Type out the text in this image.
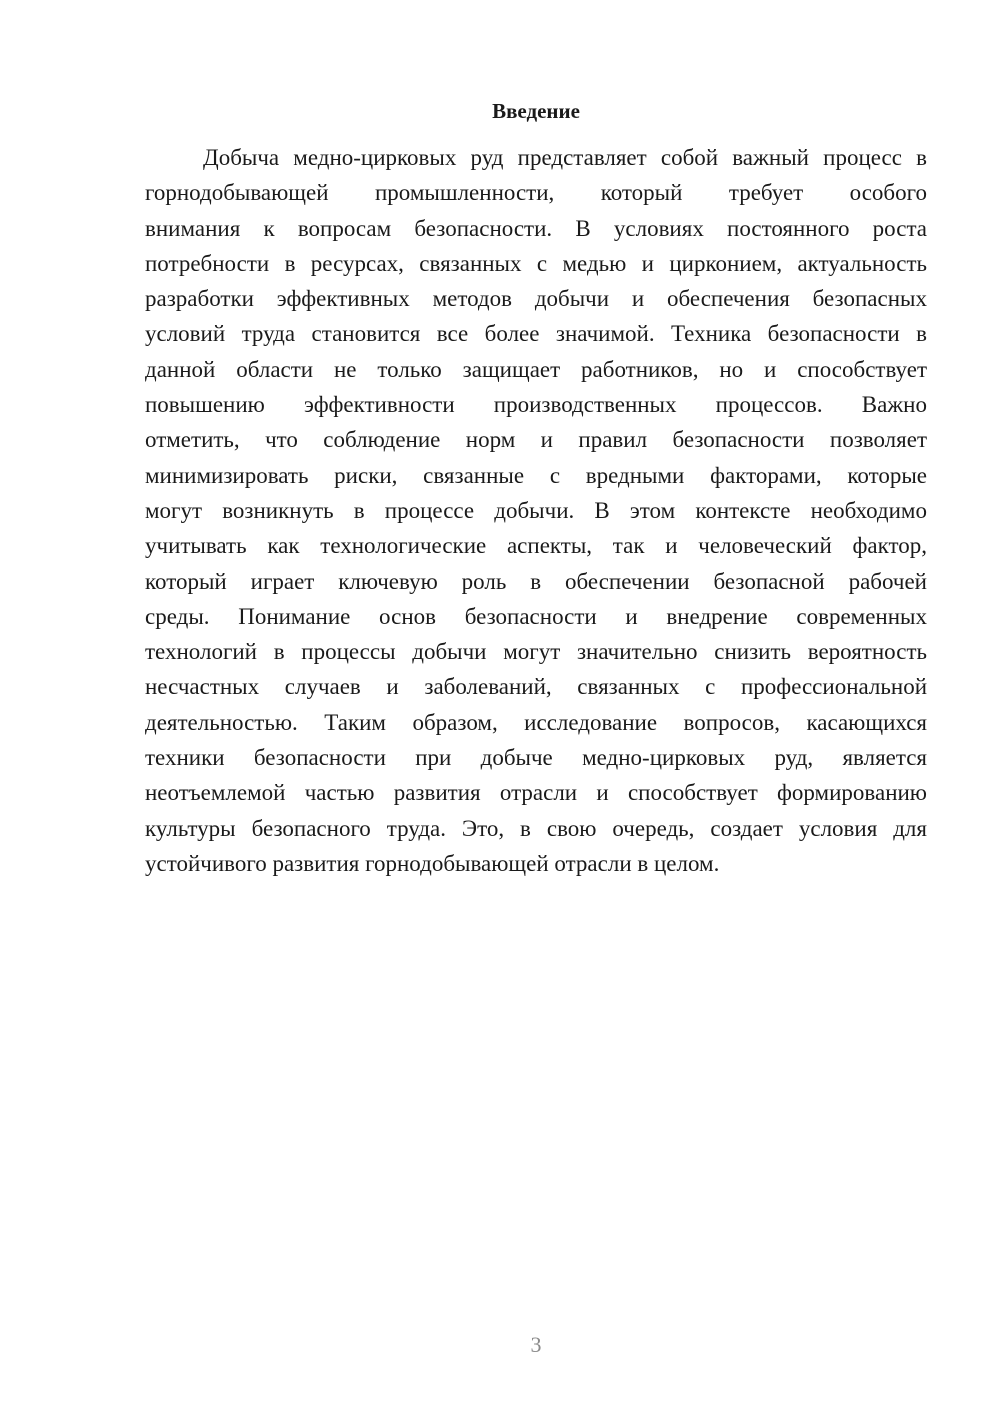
Введение
Добыча медно-цирковых руд представляет собой важный процесс в
горнодобывающей промышленности, который требует особого
внимания к вопросам безопасности. В условиях постоянного роста
потребности в ресурсах, связанных с медью и цирконием, актуальность
разработки эффективных методов добычи и обеспечения безопасных
условий труда становится все более значимой. Техника безопасности в
данной области не только защищает работников, но и способствует
повышению эффективности производственных процессов. Важно
отметить, что соблюдение норм и правил безопасности позволяет
минимизировать риски, связанные с вредными факторами, которые
могут возникнуть в процессе добычи. В этом контексте необходимо
учитывать как технологические аспекты, так и человеческий фактор,
который играет ключевую роль в обеспечении безопасной рабочей
среды. Понимание основ безопасности и внедрение современных
технологий в процессы добычи могут значительно снизить вероятность
несчастных случаев и заболеваний, связанных с профессиональной
деятельностью. Таким образом, исследование вопросов, касающихся
техники безопасности при добыче медно-цирковых руд, является
неотъемлемой частью развития отрасли и способствует формированию
культуры безопасного труда. Это, в свою очередь, создает условия для
устойчивого развития горнодобывающей отрасли в целом.
3
